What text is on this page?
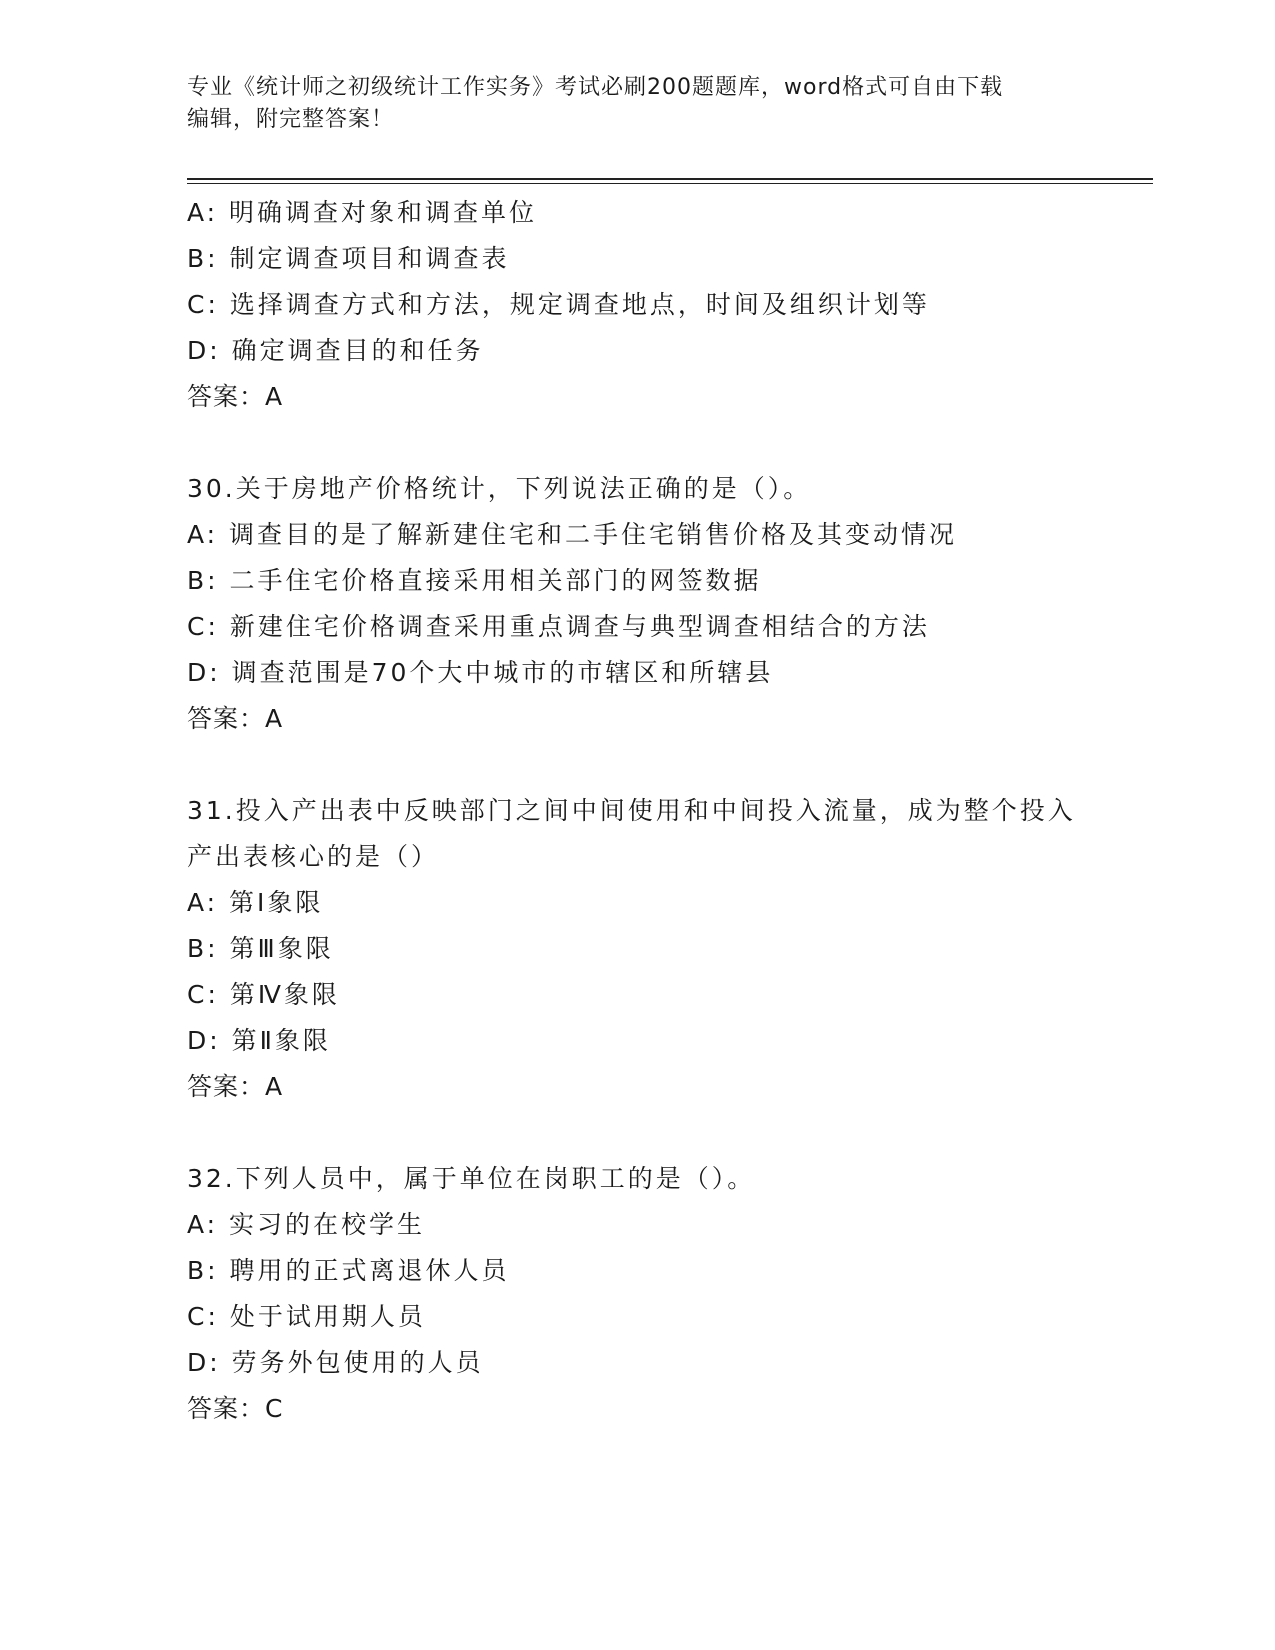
专业《统计师之初级统计工作实务》考试必刷200题题库，word格式可自由下载
编辑，附完整答案！
A: 明确调查对象和调查单位
B: 制定调查项目和调查表
C: 选择调查方式和方法，规定调查地点，时间及组织计划等
D: 确定调查目的和任务
答案：A
30.关于房地产价格统计，下列说法正确的是（）。
A: 调查目的是了解新建住宅和二手住宅销售价格及其变动情况
B: 二手住宅价格直接采用相关部门的网签数据
C: 新建住宅价格调查采用重点调查与典型调查相结合的方法
D: 调查范围是70个大中城市的市辖区和所辖县
答案：A
31.投入产出表中反映部门之间中间使用和中间投入流量，成为整个投入产出表核心的是（）
A: 第Ⅰ象限
B: 第Ⅲ象限
C: 第Ⅳ象限
D: 第Ⅱ象限
答案：A
32.下列人员中，属于单位在岗职工的是（）。
A: 实习的在校学生
B: 聘用的正式离退休人员
C: 处于试用期人员
D: 劳务外包使用的人员
答案：C
